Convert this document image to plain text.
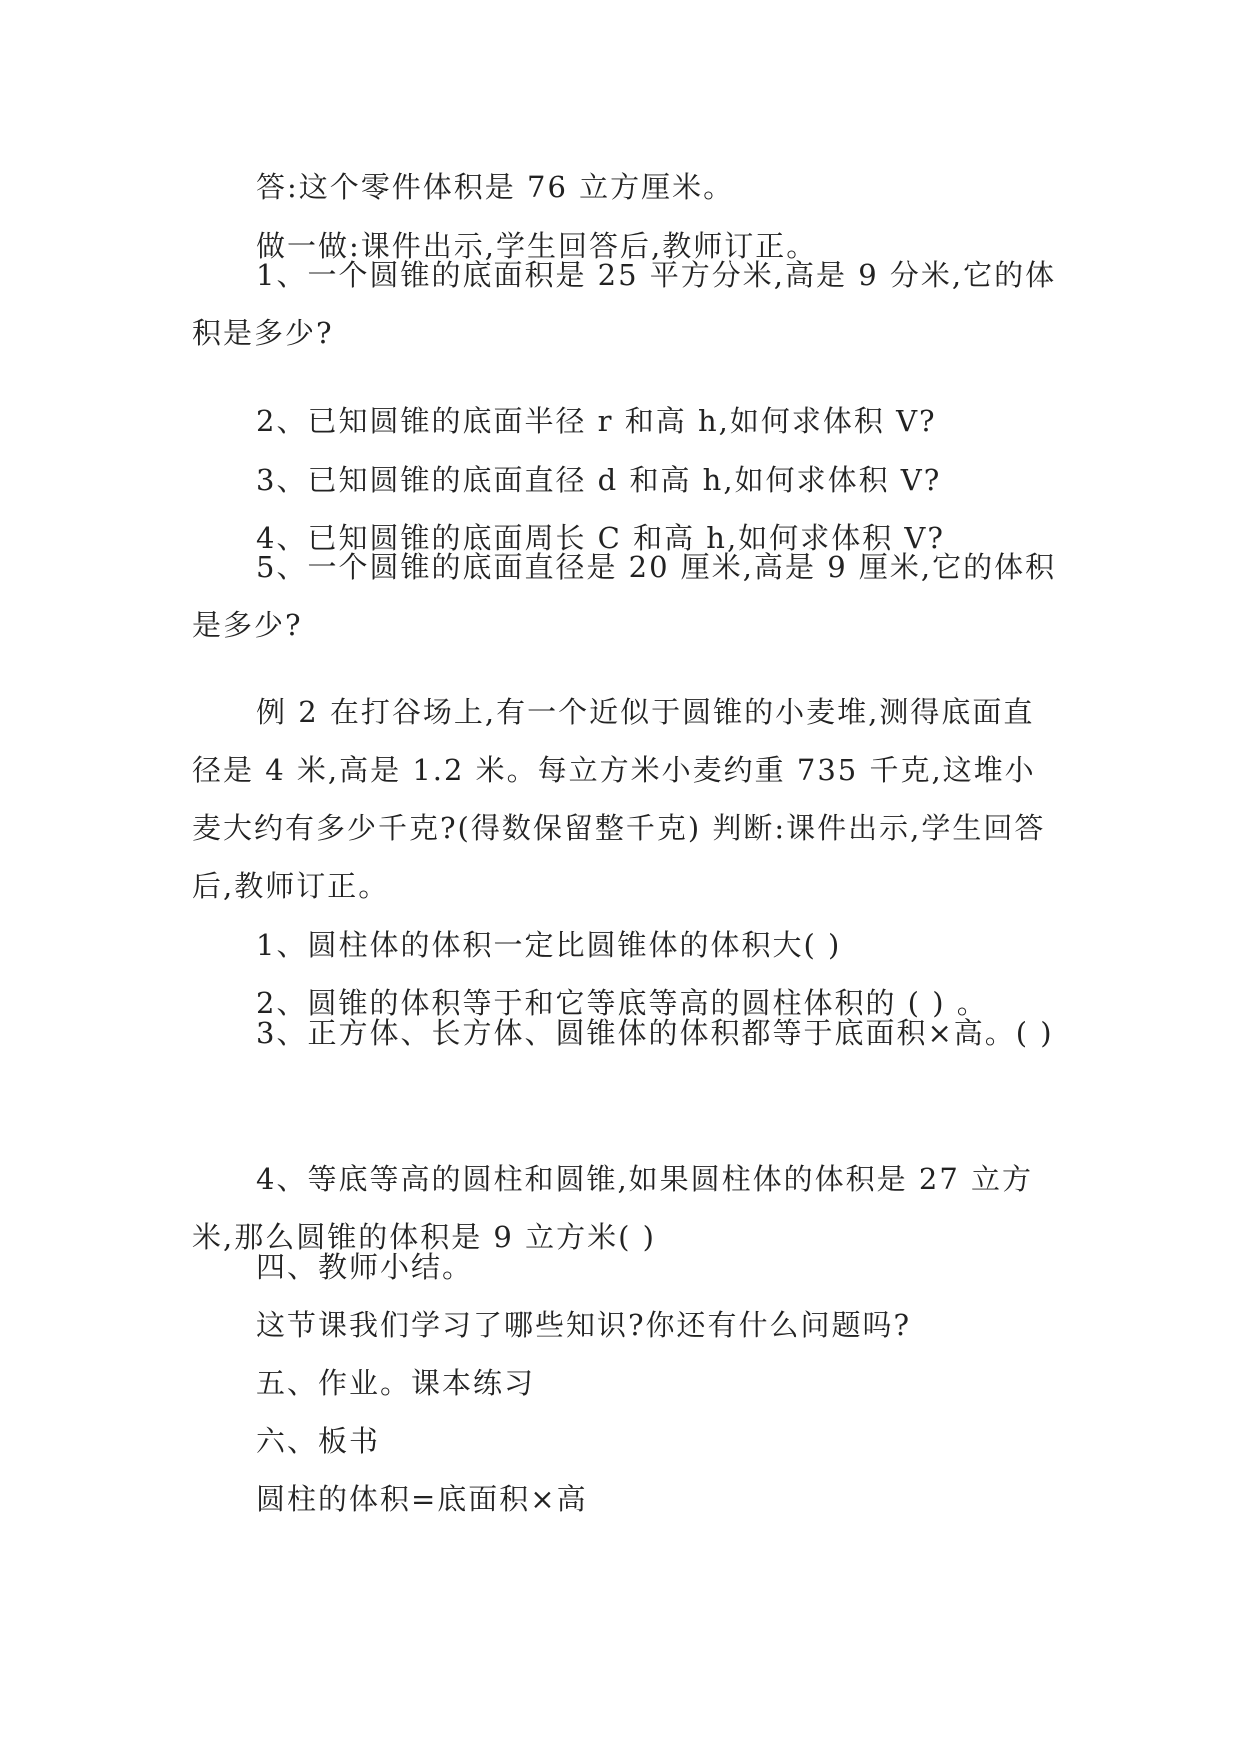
答:这个零件体积是 76 立方厘米。

做一做:课件出示,学生回答后,教师订正。

1、一个圆锥的底面积是 25 平方分米,高是 9 分米,它的体积是多少?

2、已知圆锥的底面半径 r 和高 h,如何求体积 V?

3、已知圆锥的底面直径 d 和高 h,如何求体积 V?

4、已知圆锥的底面周长 C 和高 h,如何求体积 V?

5、一个圆锥的底面直径是 20 厘米,高是 9 厘米,它的体积是多少?

例 2 在打谷场上,有一个近似于圆锥的小麦堆,测得底面直径是 4 米,高是 1.2 米。每立方米小麦约重 735 千克,这堆小麦大约有多少千克?(得数保留整千克) 判断:课件出示,学生回答后,教师订正。

1、圆柱体的体积一定比圆锥体的体积大( )

2、圆锥的体积等于和它等底等高的圆柱体积的 ( ) 。

3、正方体、长方体、圆锥体的体积都等于底面积×高。( )

4、等底等高的圆柱和圆锥,如果圆柱体的体积是 27 立方米,那么圆锥的体积是 9 立方米( )

四、教师小结。

这节课我们学习了哪些知识?你还有什么问题吗?

五、作业。课本练习

六、板书

圆柱的体积=底面积×高
